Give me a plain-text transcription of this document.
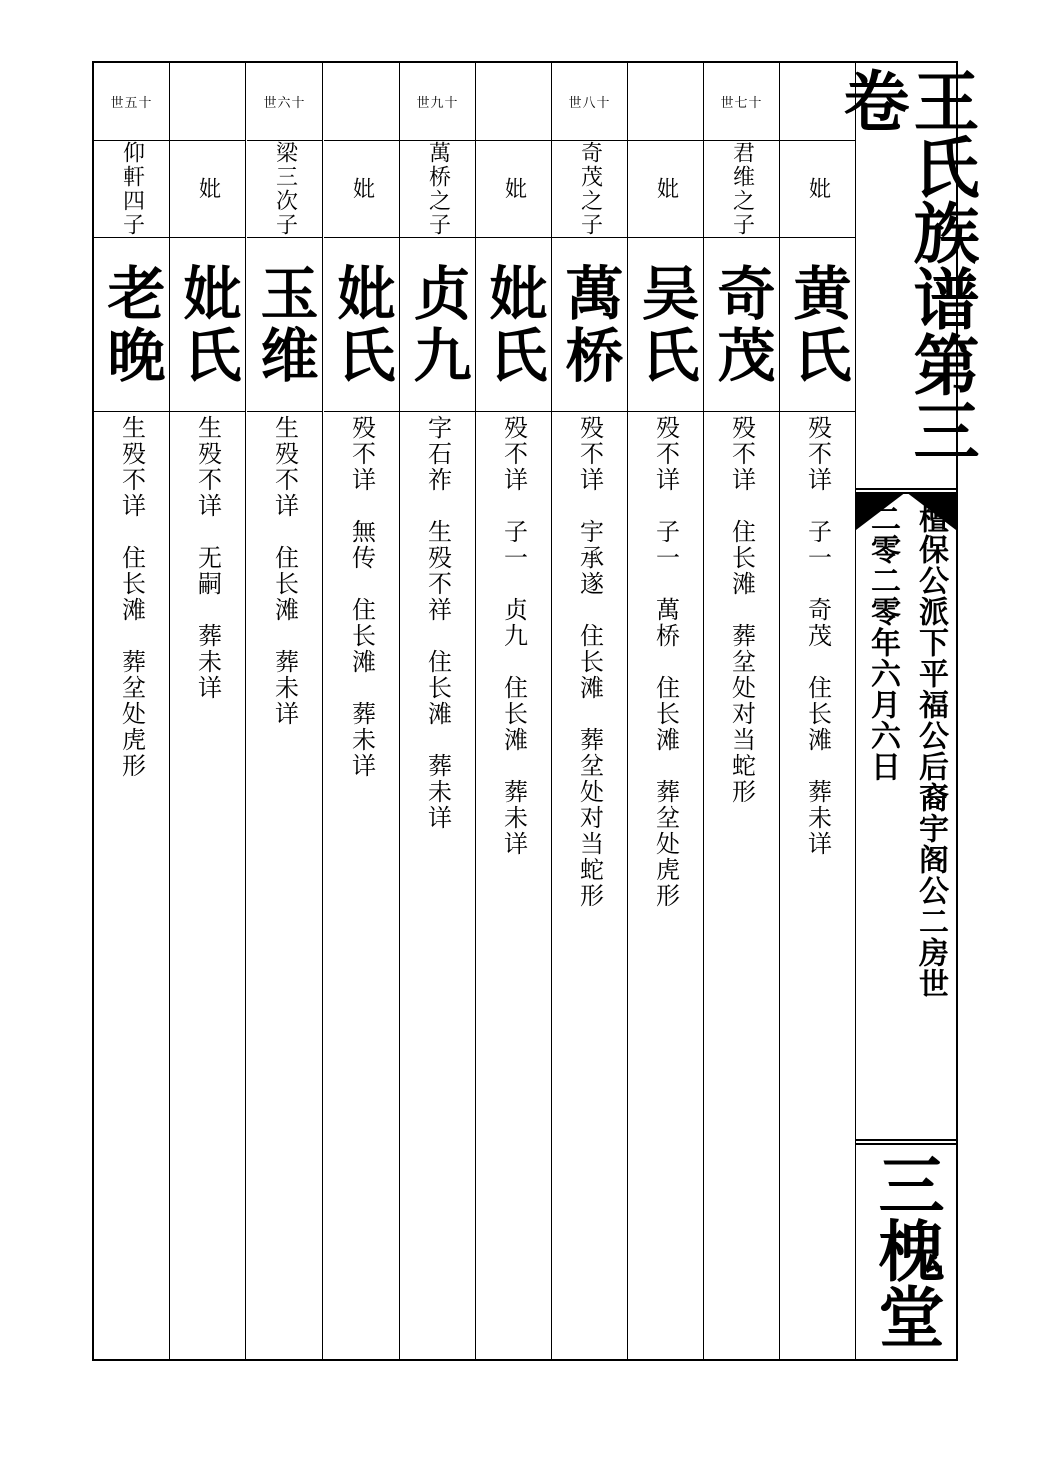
妣
黄氏
殁不详　子一　奇茂　住长滩　葬未详
世七十
君维之子
奇茂
殁不详　住长滩　葬坌处对当蛇形
妣
吴氏
殁不详　子一　萬桥　住长滩　葬坌处虎形
世八十
奇茂之子
萬桥
殁不详　宇承遂　住长滩　葬坌处对当蛇形
妣
妣氏
殁不详　子一　贞九　住长滩　葬未详
世九十
萬桥之子
贞九
字石祚　生殁不祥　住长滩　葬未详
妣
妣氏
殁不详　無传　住长滩　葬未详
世六十
梁三次子
玉维
生殁不详　住长滩　葬未详
妣
妣氏
生殁不详　无嗣　葬未详
世五十
仰軒四子
老晚
生殁不详　住长滩　葬坌处虎形
王氏族谱第三卷
檀保公派下平福公后裔宇阁公二房世
二零二零年六月六日
三槐堂
